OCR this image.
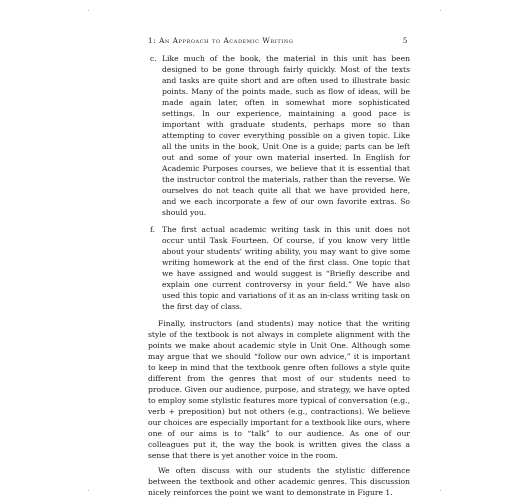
1: An Approach to Academic Writing	5
c. Like much of the book, the material in this unit has been designed to be gone through fairly quickly. Most of the texts and tasks are quite short and are often used to illustrate basic points. Many of the points made, such as flow of ideas, will be made again later, often in somewhat more sophisticated settings. In our experience, maintaining a good pace is important with graduate students, perhaps more so than attempting to cover everything possible on a given topic. Like all the units in the book, Unit One is a guide; parts can be left out and some of your own material inserted. In English for Academic Purposes courses, we believe that it is essential that the instructor control the materials, rather than the reverse. We ourselves do not teach quite all that we have provided here, and we each incorporate a few of our own favorite extras. So should you.

f. The first actual academic writing task in this unit does not occur until Task Fourteen. Of course, if you know very little about your students' writing ability, you may want to give some writing homework at the end of the first class. One topic that we have assigned and would suggest is “Briefly describe and explain one current controversy in your field.” We have also used this topic and variations of it as an in-class writing task on the first day of class.

Finally, instructors (and students) may notice that the writing style of the textbook is not always in complete alignment with the points we make about academic style in Unit One. Although some may argue that we should “follow our own advice,” it is important to keep in mind that the textbook genre often follows a style quite different from the genres that most of our students need to produce. Given our audience, purpose, and strategy, we have opted to employ some stylistic features more typical of conversation (e.g., verb + preposition) but not others (e.g., contractions). We believe our choices are especially important for a textbook like ours, where one of our aims is to “talk” to our audience. As one of our colleagues put it, the way the book is written gives the class a sense that there is yet another voice in the room.

We often discuss with our students the stylistic difference between the textbook and other academic genres. This discussion nicely reinforces the point we want to demonstrate in Figure 1.
